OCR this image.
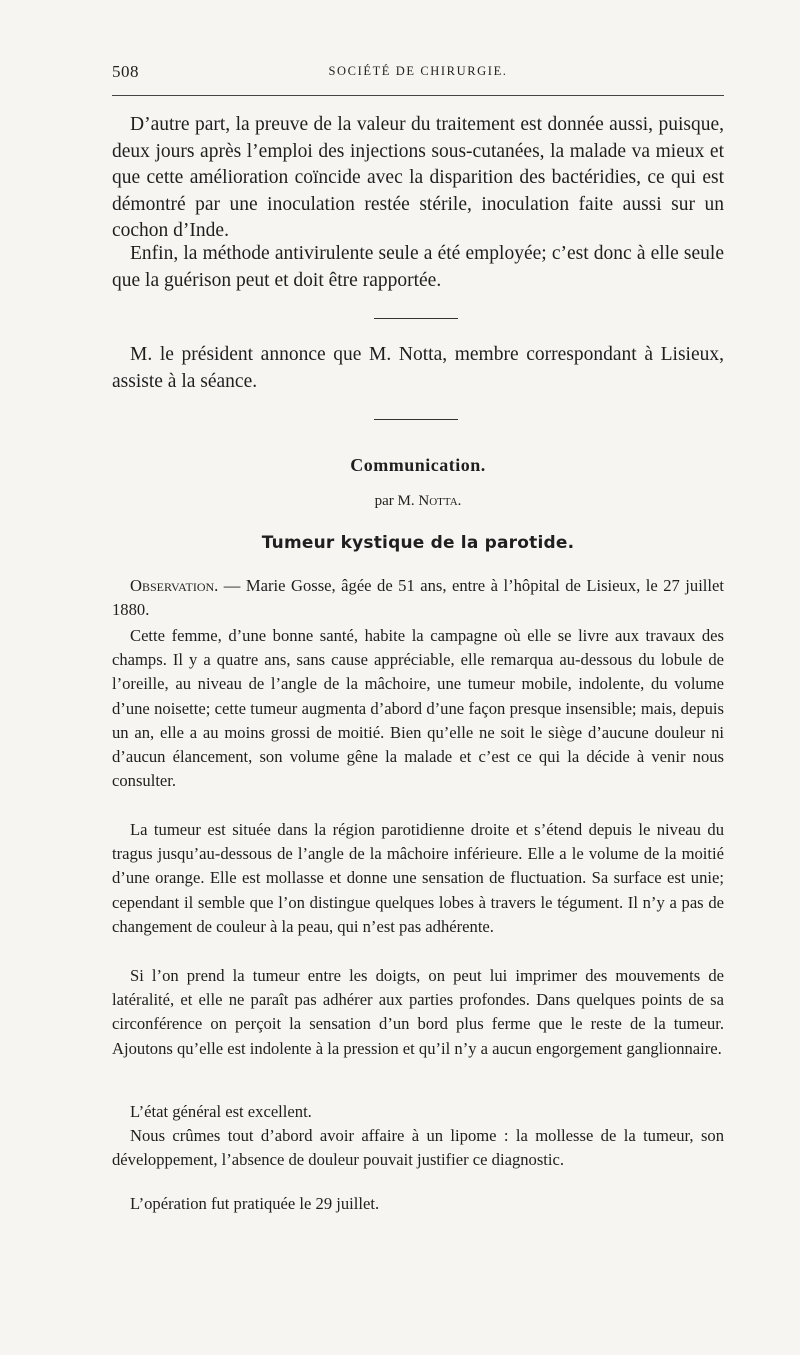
508	SOCIÉTÉ DE CHIRURGIE.

D’autre part, la preuve de la valeur du traitement est donnée aussi, puisque, deux jours après l’emploi des injections sous-cutanées, la malade va mieux et que cette amélioration coïncide avec la disparition des bactéridies, ce qui est démontré par une inoculation restée stérile, inoculation faite aussi sur un cochon d’Inde.

Enfin, la méthode antivirulente seule a été employée; c’est donc à elle seule que la guérison peut et doit être rapportée.

M. le président annonce que M. Notta, membre correspondant à Lisieux, assiste à la séance.

Communication.
par M. Notta.
Tumeur kystique de la parotide.

Observation. — Marie Gosse, âgée de 51 ans, entre à l’hôpital de Lisieux, le 27 juillet 1880.

Cette femme, d’une bonne santé, habite la campagne où elle se livre aux travaux des champs. Il y a quatre ans, sans cause appréciable, elle remarqua au-dessous du lobule de l’oreille, au niveau de l’angle de la mâchoire, une tumeur mobile, indolente, du volume d’une noisette; cette tumeur augmenta d’abord d’une façon presque insensible; mais, depuis un an, elle a au moins grossi de moitié. Bien qu’elle ne soit le siège d’aucune douleur ni d’aucun élancement, son volume gêne la malade et c’est ce qui la décide à venir nous consulter.

La tumeur est située dans la région parotidienne droite et s’étend depuis le niveau du tragus jusqu’au-dessous de l’angle de la mâchoire inférieure. Elle a le volume de la moitié d’une orange. Elle est mollasse et donne une sensation de fluctuation. Sa surface est unie; cependant il semble que l’on distingue quelques lobes à travers le tégument. Il n’y a pas de changement de couleur à la peau, qui n’est pas adhérente.

Si l’on prend la tumeur entre les doigts, on peut lui imprimer des mouvements de latéralité, et elle ne paraît pas adhérer aux parties profondes. Dans quelques points de sa circonférence on perçoit la sensation d’un bord plus ferme que le reste de la tumeur. Ajoutons qu’elle est indolente à la pression et qu’il n’y a aucun engorgement ganglionnaire.

L’état général est excellent.

Nous crûmes tout d’abord avoir affaire à un lipome : la mollesse de la tumeur, son développement, l’absence de douleur pouvait justifier ce diagnostic.

L’opération fut pratiquée le 29 juillet.
